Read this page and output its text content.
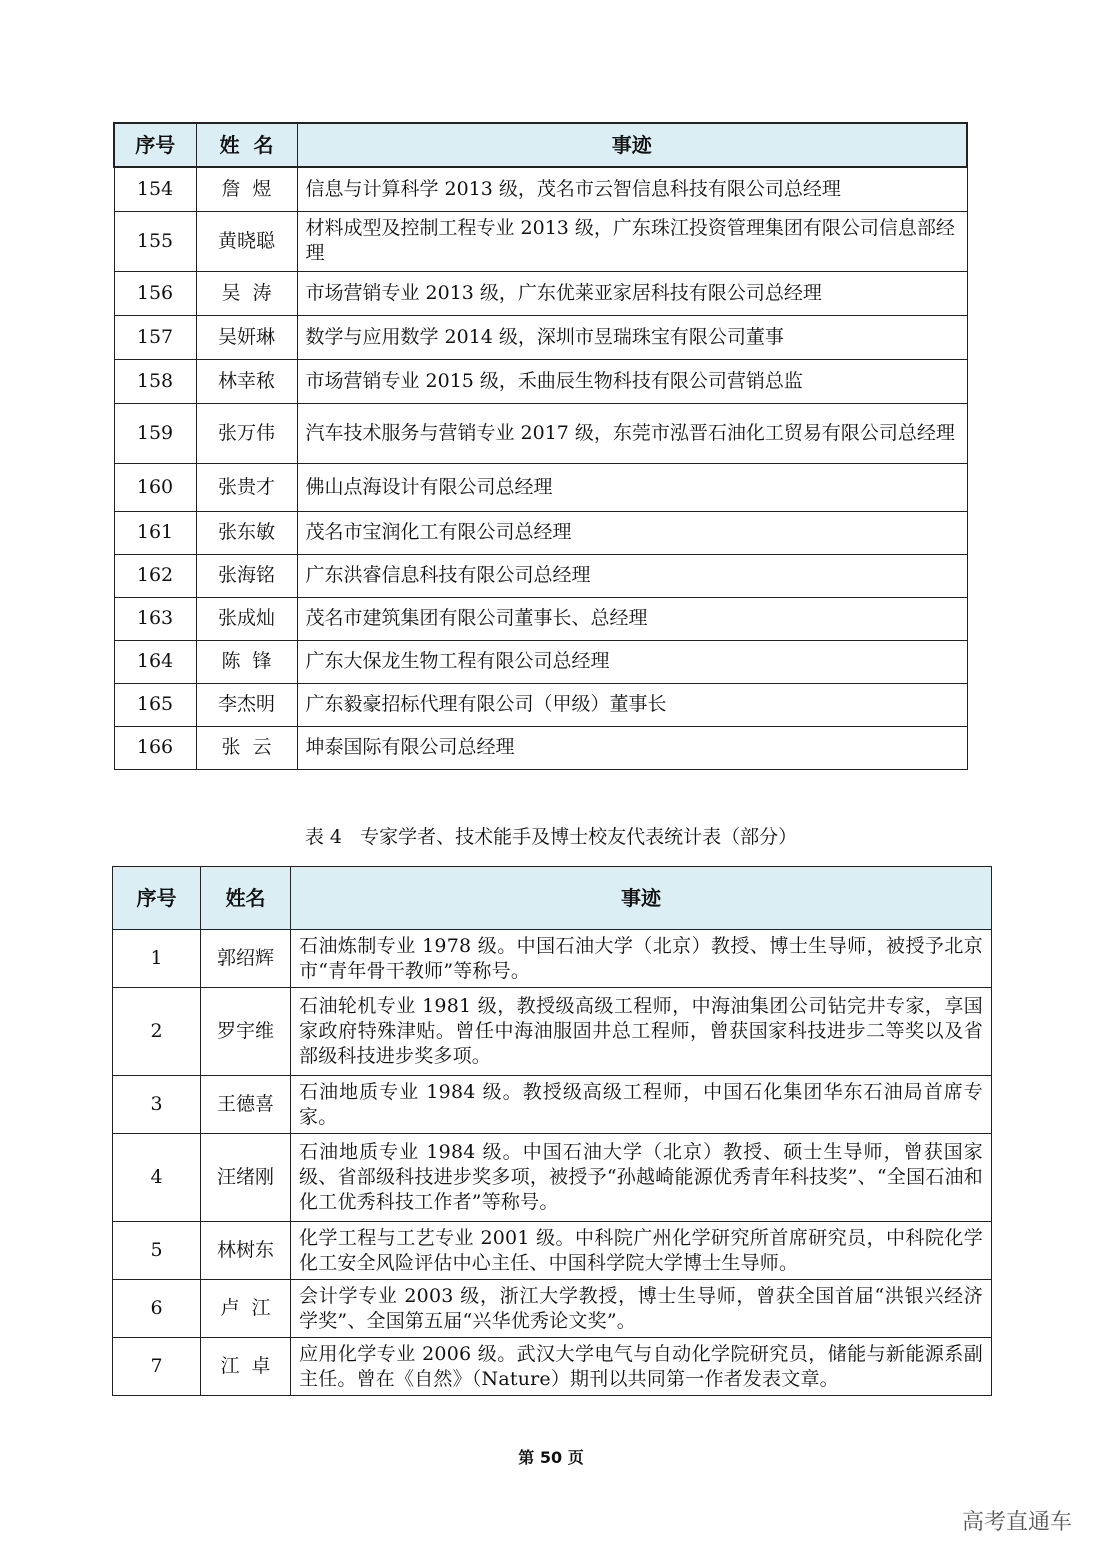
序号	姓  名	事迹
154	詹  煜	信息与计算科学 2013 级，茂名市云智信息科技有限公司总经理
155	黄晓聪	材料成型及控制工程专业 2013 级，广东珠江投资管理集团有限公司信息部经理
156	吴  涛	市场营销专业 2013 级，广东优莱亚家居科技有限公司总经理
157	吴妍琳	数学与应用数学 2014 级，深圳市昱瑞珠宝有限公司董事
158	林幸秾	市场营销专业 2015 级，禾曲辰生物科技有限公司营销总监
159	张万伟	汽车技术服务与营销专业 2017 级，东莞市泓晋石油化工贸易有限公司总经理
160	张贵才	佛山点海设计有限公司总经理
161	张东敏	茂名市宝润化工有限公司总经理
162	张海铭	广东洪睿信息科技有限公司总经理
163	张成灿	茂名市建筑集团有限公司董事长、总经理
164	陈  锋	广东大保龙生物工程有限公司总经理
165	李杰明	广东毅豪招标代理有限公司（甲级）董事长
166	张  云	坤泰国际有限公司总经理
表 4   专家学者、技术能手及博士校友代表统计表（部分）
序号	姓名	事迹
1	郭绍辉	石油炼制专业 1978 级。中国石油大学（北京）教授、博士生导师，被授予北京市“青年骨干教师”等称号。
2	罗宇维	石油轮机专业 1981 级，教授级高级工程师，中海油集团公司钻完井专家，享国家政府特殊津贴。曾任中海油服固井总工程师，曾获国家科技进步二等奖以及省部级科技进步奖多项。
3	王德喜	石油地质专业 1984 级。教授级高级工程师，中国石化集团华东石油局首席专家。
4	汪绪刚	石油地质专业 1984 级。中国石油大学（北京）教授、硕士生导师，曾获国家级、省部级科技进步奖多项，被授予“孙越崎能源优秀青年科技奖”、“全国石油和化工优秀科技工作者”等称号。
5	林树东	化学工程与工艺专业 2001 级。中科院广州化学研究所首席研究员，中科院化学化工安全风险评估中心主任、中国科学院大学博士生导师。
6	卢  江	会计学专业 2003 级，浙江大学教授，博士生导师，曾获全国首届“洪银兴经济学奖”、全国第五届“兴华优秀论文奖”。
7	江  卓	应用化学专业 2006 级。武汉大学电气与自动化学院研究员，储能与新能源系副主任。曾在《自然》（Nature）期刊以共同第一作者发表文章。
第 50 页
高考直通车
